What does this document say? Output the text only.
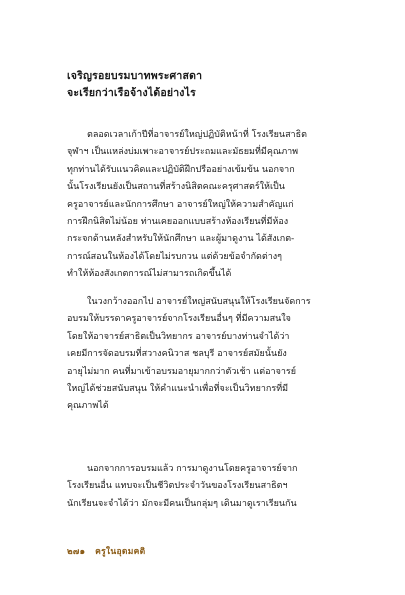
เจริญรอยบรมบาทพระศาสดา
จะเรียกว่าเรือจ้างได้อย่างไร
ตลอดเวลาเก้าปีที่อาจารย์ใหญ่ปฏิบัติหน้าที่ โรงเรียนสาธิต
จุฬาฯ เป็นแหล่งบ่มเพาะอาจารย์ประถมและมัธยมที่มีคุณภาพ
ทุกท่านได้รับแนวคิดและปฏิบัติฝึกปรืออย่างเข้มข้น นอกจาก
นั้นโรงเรียนยังเป็นสถานที่สร้างนิสิตคณะครุศาสตร์ให้เป็น
ครูอาจารย์และนักการศึกษา อาจารย์ใหญ่ให้ความสำคัญแก่
การฝึกนิสิตไม่น้อย ท่านเคยออกแบบสร้างห้องเรียนที่มีห้อง
กระจกด้านหลังสำหรับให้นักศึกษา และผู้มาดูงาน ได้สังเกต-
การณ์สอนในห้องได้โดยไม่รบกวน แต่ด้วยข้อจำกัดต่างๆ
ทำให้ห้องสังเกตการณ์ไม่สามารถเกิดขึ้นได้
ในวงกว้างออกไป อาจารย์ใหญ่สนับสนุนให้โรงเรียนจัดการ
อบรมให้บรรดาครูอาจารย์จากโรงเรียนอื่นๆ ที่มีความสนใจ
โดยให้อาจารย์สาธิตเป็นวิทยากร อาจารย์บางท่านจำได้ว่า
เคยมีการจัดอบรมที่สวางคนิวาส ชลบุรี อาจารย์สมัยนั้นยัง
อายุไม่มาก คนที่มาเข้าอบรมอายุมากกว่าตัวเช้า แต่อาจารย์
ใหญ่ได้ช่วยสนับสนุน ให้คำแนะนำเพื่อที่จะเป็นวิทยากรที่มี
คุณภาพได้
นอกจากการอบรมแล้ว การมาดูงานโดยครูอาจารย์จาก
โรงเรียนอื่น แทบจะเป็นชีวิตประจำวันของโรงเรียนสาธิตฯ
นักเรียนจะจำได้ว่า มักจะมีคนเป็นกลุ่มๆ เดินมาดูเราเรียนกัน
๒๗๑ ครูในอุดมคติ
